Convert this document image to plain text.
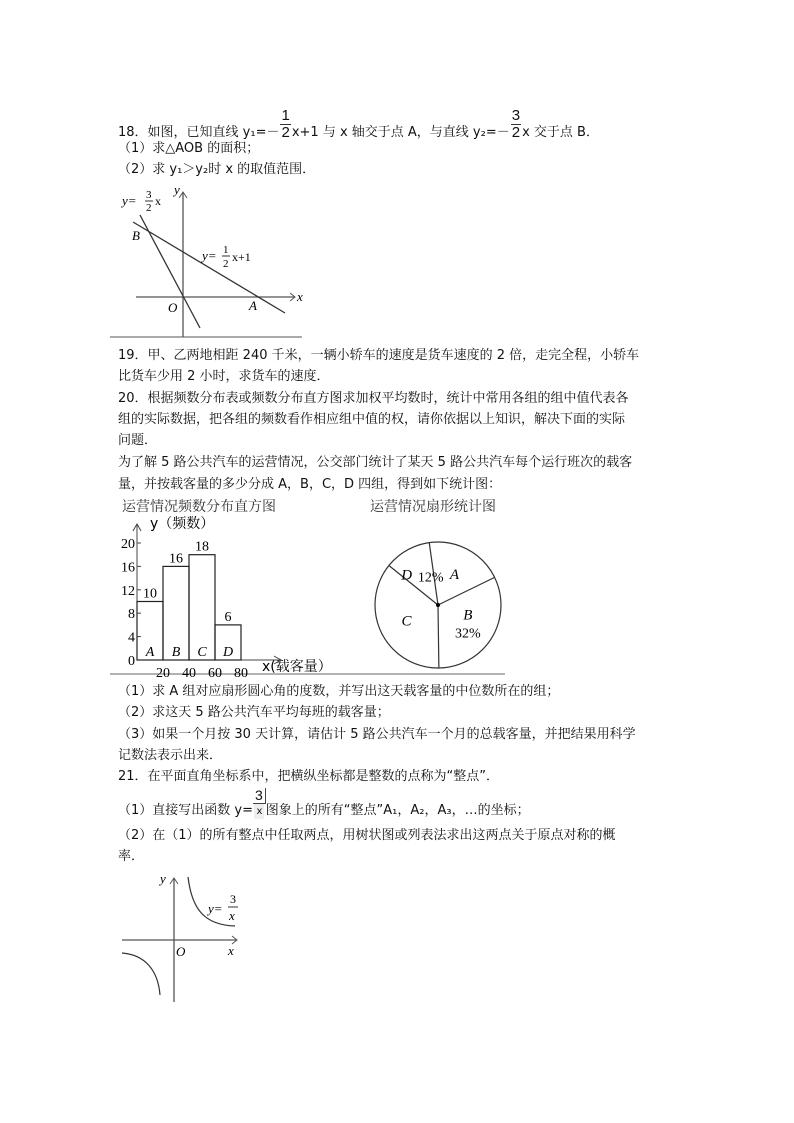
18．如图，已知直线 $y_1=- \frac{1}{2} x+1$ 与 x 轴交于点 A，与直线 $y_2=- \frac{3}{2}$ x 交于点 B．
（1）求△AOB 的面积；
（2）求 y₁＞y₂时 x 的取值范围．
y= 3
2 x
y= 1
2 x+1
x
y
O	A
B
19．甲、乙两地相距 240 千米，一辆小轿车的速度是货车速度的 2 倍，走完全程，小轿车
比货车少用 2 小时，求货车的速度．
20．根据频数分布表或频数分布直方图求加权平均数时，统计中常用各组的组中值代表各
组的实际数据，把各组的频数看作相应组中值的权，请你依据以上知识，解决下面的实际
问题．
为了解 5 路公共汽车的运营情况，公交部门统计了某天 5 路公共汽车每个运行班次的载客
量，并按载客量的多少分成 A，B，C，D 四组，得到如下统计图：
运营情况频数分布直方图	运营情况扇形统计图
y（频数）
x(载客量）
0
4
8
12
16
20
20 40 60 80
10
A
16
B
18
C
6
D
A
B
32%
C
D 12%
（1）求 A 组对应扇形圆心角的度数，并写出这天载客量的中位数所在的组；
（2）求这天 5 路公共汽车平均每班的载客量；
（3）如果一个月按 30 天计算，请估计 5 路公共汽车一个月的总载客量，并把结果用科学
记数法表示出来．
21．在平面直角坐标系中，把横纵坐标都是整数的点称为“整点”．
（1）直接写出函数 $y= \frac{3}{x}$ 图象上的所有“整点”A₁，A₂，A₃，…的坐标；
（2）在（1）的所有整点中任取两点，用树状图或列表法求出这两点关于原点对称的概
率．
y=
3
x
x
y
O
